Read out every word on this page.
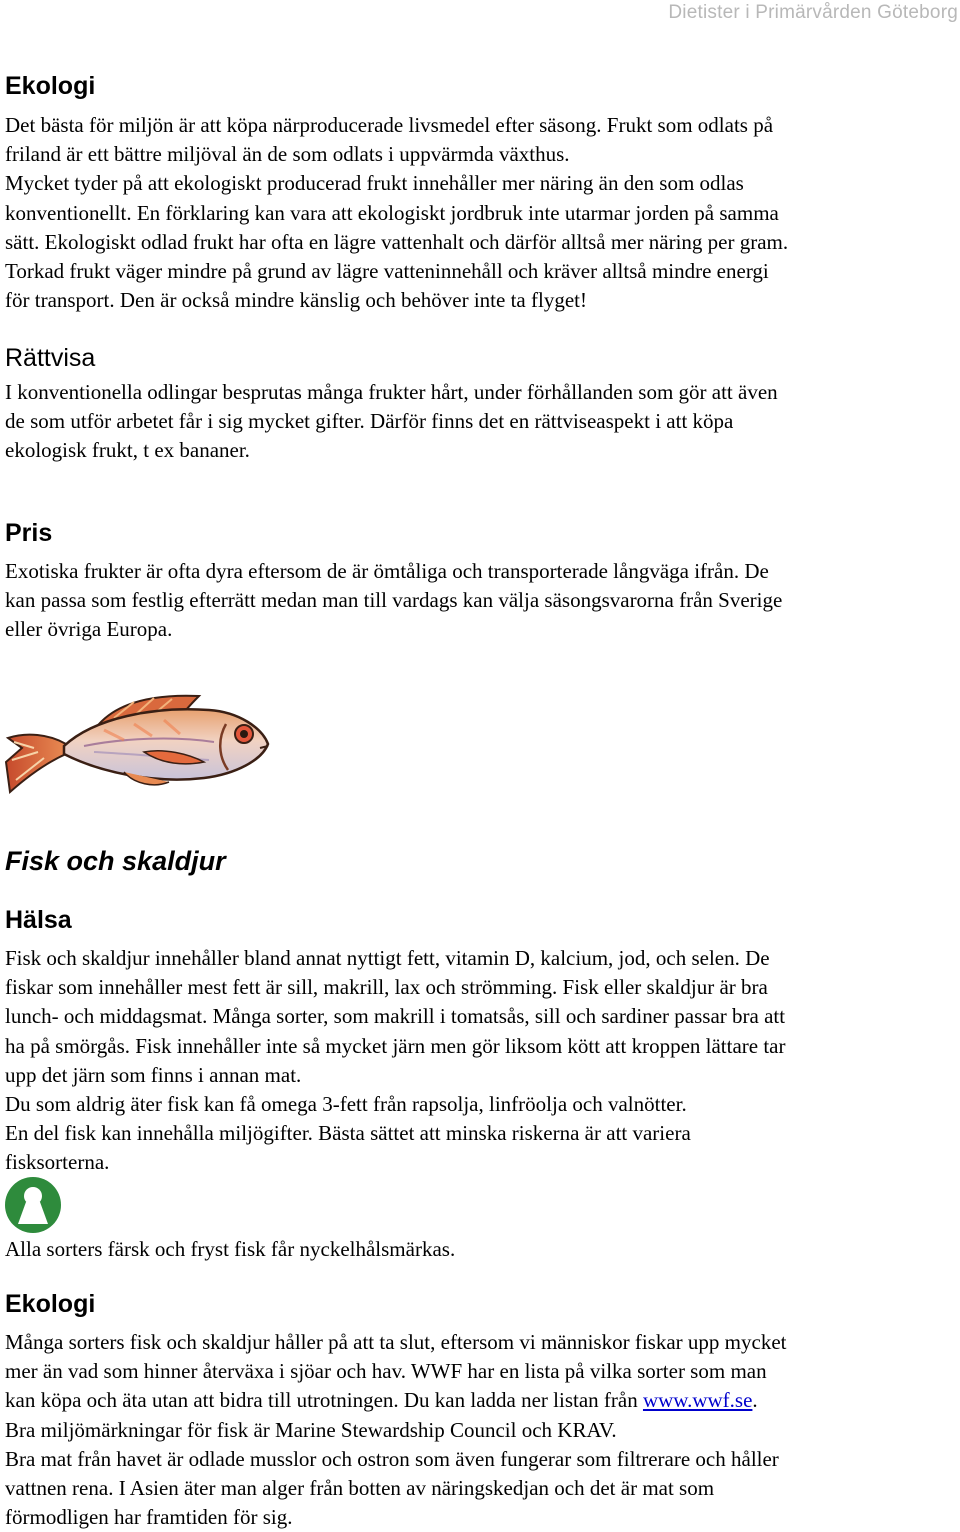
Dietister i Primärvården Göteborg
Ekologi

Det bästa för miljön är att köpa närproducerade livsmedel efter säsong. Frukt som odlats på
friland är ett bättre miljöval än de som odlats i uppvärmda växthus.
Mycket tyder på att ekologiskt producerad frukt innehåller mer näring än den som odlas
konventionellt. En förklaring kan vara att ekologiskt jordbruk inte utarmar jorden på samma
sätt. Ekologiskt odlad frukt har ofta en lägre vattenhalt och därför alltså mer näring per gram.
Torkad frukt väger mindre på grund av lägre vatteninnehåll och kräver alltså mindre energi
för transport. Den är också mindre känslig och behöver inte ta flyget!

Rättvisa

I konventionella odlingar besprutas många frukter hårt, under förhållanden som gör att även
de som utför arbetet får i sig mycket gifter. Därför finns det en rättviseaspekt i att köpa
ekologisk frukt, t ex bananer.

Pris

Exotiska frukter är ofta dyra eftersom de är ömtåliga och transporterade långväga ifrån. De
kan passa som festlig efterrätt medan man till vardags kan välja säsongsvarorna från Sverige
eller övriga Europa.

Fisk och skaldjur
Hälsa

Fisk och skaldjur innehåller bland annat nyttigt fett, vitamin D, kalcium, jod, och selen. De
fiskar som innehåller mest fett är sill, makrill, lax och strömming. Fisk eller skaldjur är bra
lunch- och middagsmat. Många sorter, som makrill i tomatsås, sill och sardiner passar bra att
ha på smörgås. Fisk innehåller inte så mycket järn men gör liksom kött att kroppen lättare tar
upp det järn som finns i annan mat.
Du som aldrig äter fisk kan få omega 3-fett från rapsolja, linfröolja och valnötter.
En del fisk kan innehålla miljögifter. Bästa sättet att minska riskerna är att variera
fisksorterna.

Alla sorters färsk och fryst fisk får nyckelhålsmärkas.

Ekologi

Många sorters fisk och skaldjur håller på att ta slut, eftersom vi människor fiskar upp mycket
mer än vad som hinner återväxa i sjöar och hav. WWF har en lista på vilka sorter som man
kan köpa och äta utan att bidra till utrotningen. Du kan ladda ner listan från www.wwf.se.
Bra miljömärkningar för fisk är Marine Stewardship Council och KRAV.
Bra mat från havet är odlade musslor och ostron som även fungerar som filtrerare och håller
vattnen rena. I Asien äter man alger från botten av näringskedjan och det är mat som
förmodligen har framtiden för sig.
